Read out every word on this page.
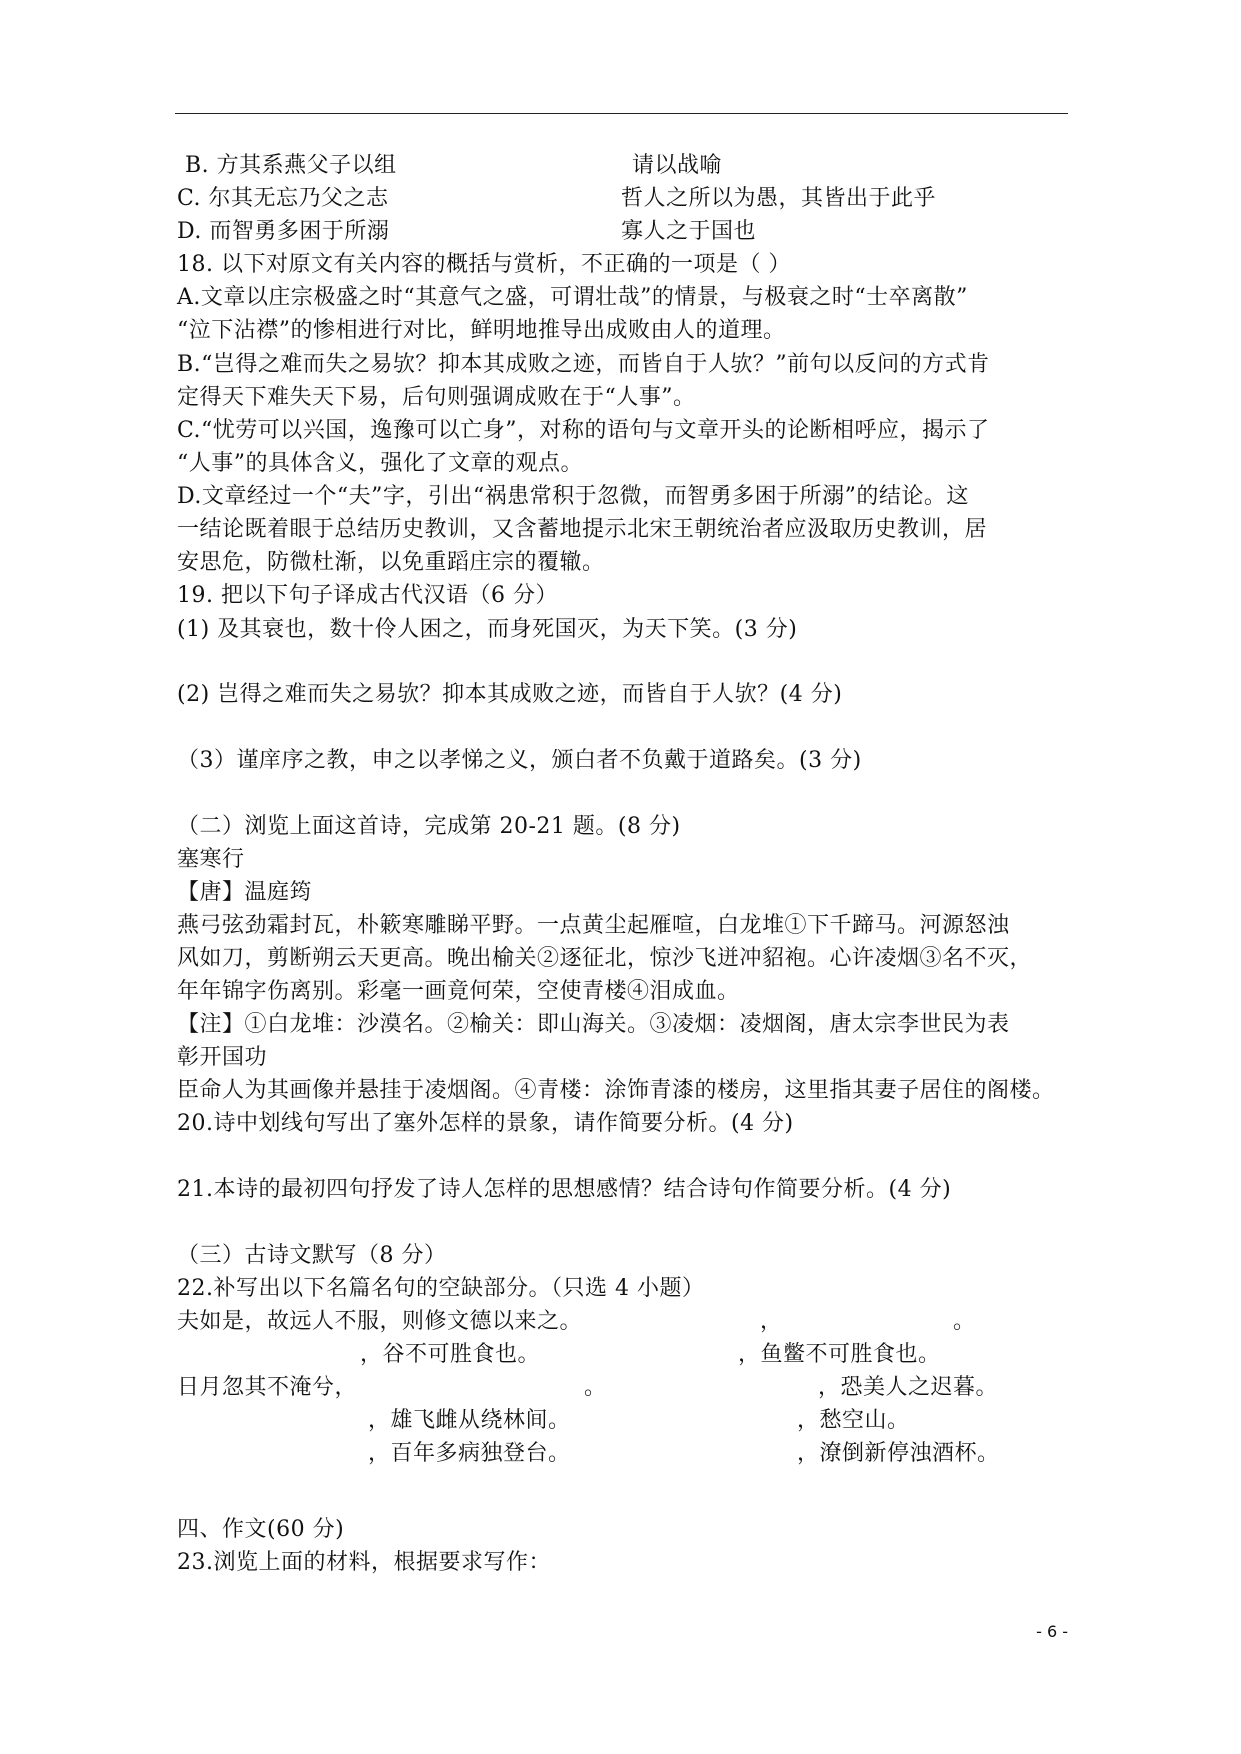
B. 方其系燕父子以组	请以战喻
C. 尔其无忘乃父之志	哲人之所以为愚，其皆出于此乎
D. 而智勇多困于所溺	寡人之于国也
18. 以下对原文有关内容的概括与赏析，不正确的一项是（ ）
A.文章以庄宗极盛之时“其意气之盛，可谓壮哉”的情景，与极衰之时“士卒离散”
“泣下沾襟”的惨相进行对比，鲜明地推导出成败由人的道理。
B.“岂得之难而失之易欤？抑本其成败之迹，而皆自于人欤？”前句以反问的方式肯
定得天下难失天下易，后句则强调成败在于“人事”。
C.“忧劳可以兴国，逸豫可以亡身”，对称的语句与文章开头的论断相呼应，揭示了
“人事”的具体含义，强化了文章的观点。
D.文章经过一个“夫”字，引出“祸患常积于忽微，而智勇多困于所溺”的结论。这
一结论既着眼于总结历史教训，又含蓄地提示北宋王朝统治者应汲取历史教训，居
安思危，防微杜渐，以免重蹈庄宗的覆辙。
19. 把以下句子译成古代汉语（6 分）
(1) 及其衰也，数十伶人困之，而身死国灭，为天下笑。(3 分)
(2) 岂得之难而失之易欤？抑本其成败之迹，而皆自于人欤？(4 分)
（3）谨庠序之教，申之以孝悌之义，颁白者不负戴于道路矣。(3 分)
（二）浏览上面这首诗，完成第 20-21 题。(8 分)
塞寒行
【唐】温庭筠
燕弓弦劲霜封瓦，朴簌寒雕睇平野。一点黄尘起雁喧，白龙堆①下千蹄马。河源怒浊
风如刀，剪断朔云天更高。晚出榆关②逐征北，惊沙飞迸冲貂袍。心许凌烟③名不灭，
年年锦字伤离别。彩毫一画竟何荣，空使青楼④泪成血。
【注】①白龙堆：沙漠名。②榆关：即山海关。③凌烟：凌烟阁，唐太宗李世民为表
彰开国功
臣命人为其画像并悬挂于凌烟阁。④青楼：涂饰青漆的楼房，这里指其妻子居住的阁楼。
20.诗中划线句写出了塞外怎样的景象，请作简要分析。(4 分)
21.本诗的最初四句抒发了诗人怎样的思想感情？结合诗句作简要分析。(4 分)
（三）古诗文默写（8 分）
22.补写出以下名篇名句的空缺部分。（只选 4 小题）
夫如是，故远人不服，则修文德以来之。	，	。
，谷不可胜食也。	，鱼鳖不可胜食也。
日月忽其不淹兮，	。	，恐美人之迟暮。
，雄飞雌从绕林间。	，愁空山。
，百年多病独登台。	，潦倒新停浊酒杯。
四、作文(60 分)
23.浏览上面的材料，根据要求写作：
- 6 -
